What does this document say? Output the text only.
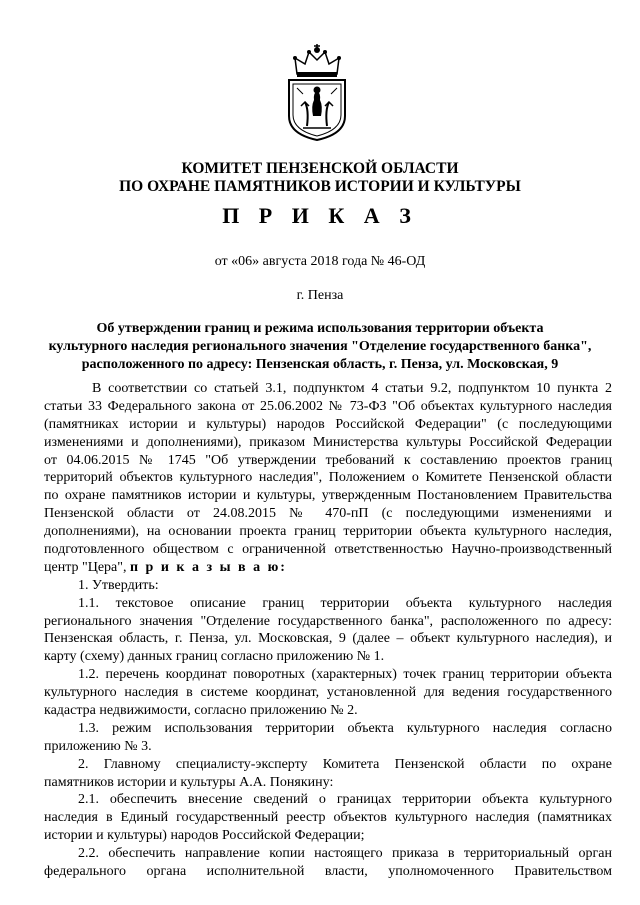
КОМИТЕТ ПЕНЗЕНСКОЙ ОБЛАСТИ
ПО ОХРАНЕ ПАМЯТНИКОВ ИСТОРИИ И КУЛЬТУРЫ
П Р И К А З
от «06» августа 2018 года № 46-ОД
г. Пенза
Об утверждении границ и режима использования территории объекта
культурного наследия регионального значения "Отделение государственного банка",
расположенного по адресу: Пензенская область, г. Пенза, ул. Московская, 9
В соответствии со статьей 3.1, подпунктом 4 статьи 9.2, подпунктом 10 пункта 2
статьи 33 Федерального закона от 25.06.2002 № 73-ФЗ "Об объектах культурного наследия
(памятниках истории и культуры) народов Российской Федерации" (с последующими
изменениями и дополнениями), приказом Министерства культуры Российской Федерации
от 04.06.2015 № 1745 "Об утверждении требований к составлению проектов границ
территорий объектов культурного наследия", Положением о Комитете Пензенской области
по охране памятников истории и культуры, утвержденным Постановлением Правительства
Пензенской области от 24.08.2015 № 470-пП (с последующими изменениями и
дополнениями), на основании проекта границ территории объекта культурного наследия,
подготовленного обществом с ограниченной ответственностью Научно-производственный
центр "Цера", п р и к а з ы в а ю:
1. Утвердить:
1.1. текстовое описание границ территории объекта культурного наследия
регионального значения "Отделение государственного банка", расположенного по адресу:
Пензенская область, г. Пенза, ул. Московская, 9 (далее – объект культурного наследия), и
карту (схему) данных границ согласно приложению № 1.
1.2. перечень координат поворотных (характерных) точек границ территории объекта
культурного наследия в системе координат, установленной для ведения государственного
кадастра недвижимости, согласно приложению № 2.
1.3. режим использования территории объекта культурного наследия согласно
приложению № 3.
2. Главному специалисту-эксперту Комитета Пензенской области по охране
памятников истории и культуры А.А. Понякину:
2.1. обеспечить внесение сведений о границах территории объекта культурного
наследия в Единый государственный реестр объектов культурного наследия (памятниках
истории и культуры) народов Российской Федерации;
2.2. обеспечить направление копии настоящего приказа в территориальный орган
федерального органа исполнительной власти, уполномоченного Правительством
